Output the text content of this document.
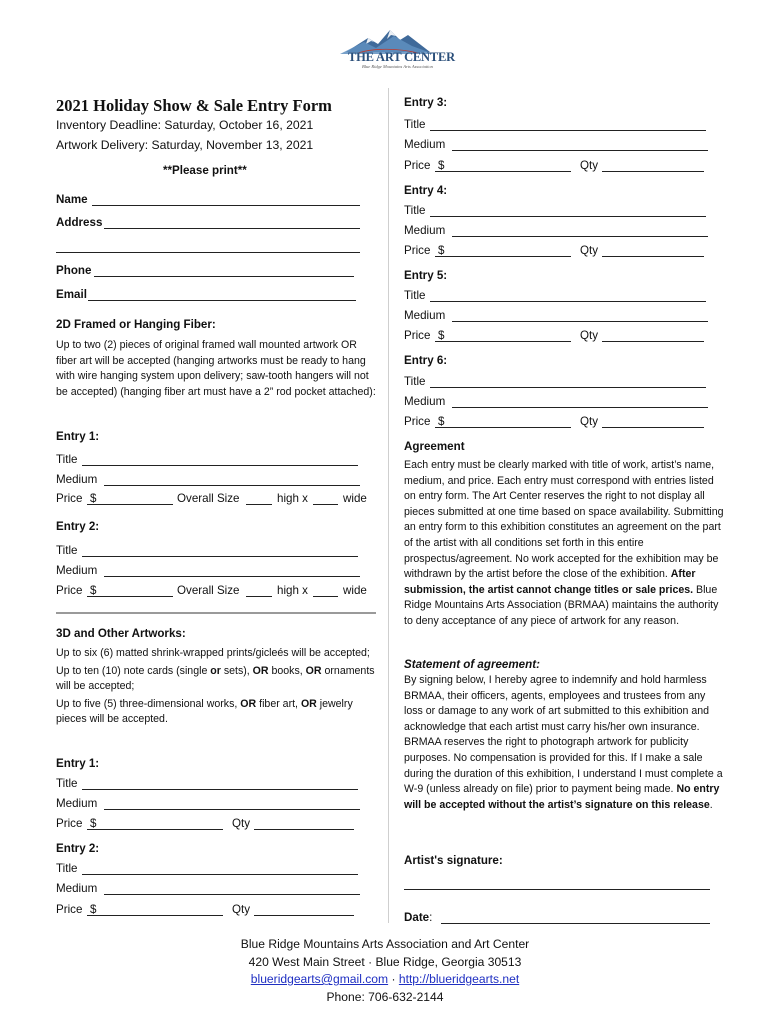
THE ART CENTER
Blue Ridge Mountains Arts Association
2021 Holiday Show & Sale Entry Form
Inventory Deadline: Saturday, October 16, 2021
Artwork Delivery: Saturday, November 13, 2021
**Please print**
Name
Address
Phone
Email
2D Framed or Hanging Fiber:
Up to two (2) pieces of original framed wall mounted artwork OR fiber art will be accepted (hanging artworks must be ready to hang with wire hanging system upon delivery; saw-tooth hangers will not be accepted) (hanging fiber art must have a 2” rod pocket attached):
Entry 1:
Title
Medium
Price $	Overall Size	high x	wide
Entry 2:
Title
Medium
Price $	Overall Size	high x	wide
3D and Other Artworks:

Up to six (6) matted shrink-wrapped prints/gicleés will be accepted;

Up to ten (10) note cards (single or sets), OR books, OR ornaments will be accepted;

Up to five (5) three-dimensional works, OR fiber art, OR jewelry pieces will be accepted.

Entry 1:
Title
Medium
Price $	Qty
Entry 2:
Title
Medium
Price $	Qty
Entry 3:
Title
Medium
Price $	Qty
Entry 4:
Title
Medium
Price $	Qty
Entry 5:
Title
Medium
Price $	Qty
Entry 6:
Title
Medium
Price $	Qty
Agreement
Each entry must be clearly marked with title of work, artist’s name, medium, and price. Each entry must correspond with entries listed on entry form. The Art Center reserves the right to not display all pieces submitted at one time based on space availability. Submitting an entry form to this exhibition constitutes an agreement on the part of the artist with all conditions set forth in this entire prospectus/agreement. No work accepted for the exhibition may be withdrawn by the artist before the close of the exhibition. After submission, the artist cannot change titles or sale prices. Blue Ridge Mountains Arts Association (BRMAA) maintains the authority to deny acceptance of any piece of artwork for any reason.
Statement of agreement:
By signing below, I hereby agree to indemnify and hold harmless BRMAA, their officers, agents, employees and trustees from any loss or damage to any work of art submitted to this exhibition and acknowledge that each artist must carry his/her own insurance. BRMAA reserves the right to photograph artwork for publicity purposes. No compensation is provided for this. If I make a sale during the duration of this exhibition, I understand I must complete a W-9 (unless already on file) prior to payment being made. No entry will be accepted without the artist’s signature on this release.
Artist's signature:
Date:
Blue Ridge Mountains Arts Association and Art Center
420 West Main Street · Blue Ridge, Georgia 30513
blueridgearts@gmail.com · http://blueridgearts.net
Phone: 706-632-2144
